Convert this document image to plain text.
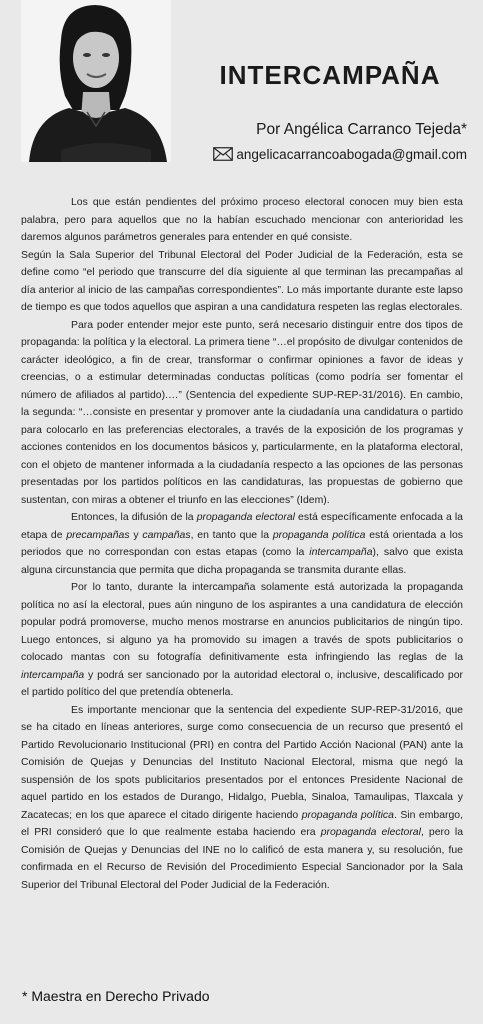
INTERCAMPAÑA
Por Angélica Carranco Tejeda*
angelicacarrancoabogada@gmail.com

Los que están pendientes del próximo proceso electoral conocen muy bien esta palabra, pero para aquellos que no la habían escuchado mencionar con anterioridad les daremos algunos parámetros generales para entender en qué consiste.

Según la Sala Superior del Tribunal Electoral del Poder Judicial de la Federación, esta se define como “el periodo que transcurre del día siguiente al que terminan las precampañas al día anterior al inicio de las campañas correspondientes”. Lo más importante durante este lapso de tiempo es que todos aquellos que aspiran a una candidatura respeten las reglas electorales.

Para poder entender mejor este punto, será necesario distinguir entre dos tipos de propaganda: la política y la electoral. La primera tiene “…el propósito de divulgar contenidos de carácter ideológico, a fin de crear, transformar o confirmar opiniones a favor de ideas y creencias, o a estimular determinadas conductas políticas (como podría ser fomentar el número de afiliados al partido).…” (Sentencia del expediente SUP-REP-31/2016). En cambio, la segunda: “…consiste en presentar y promover ante la ciudadanía una candidatura o partido para colocarlo en las preferencias electorales, a través de la exposición de los programas y acciones contenidos en los documentos básicos y, particularmente, en la plataforma electoral, con el objeto de mantener informada a la ciudadanía respecto a las opciones de las personas presentadas por los partidos políticos en las candidaturas, las propuestas de gobierno que sustentan, con miras a obtener el triunfo en las elecciones” (Idem).

Entonces, la difusión de la propaganda electoral está específicamente enfocada a la etapa de precampañas y campañas, en tanto que la propaganda política está orientada a los periodos que no correspondan con estas etapas (como la intercampaña), salvo que exista alguna circunstancia que permita que dicha propaganda se transmita durante ellas.

Por lo tanto, durante la intercampaña solamente está autorizada la propaganda política no así la electoral, pues aún ninguno de los aspirantes a una candidatura de elección popular podrá promoverse, mucho menos mostrarse en anuncios publicitarios de ningún tipo. Luego entonces, si alguno ya ha promovido su imagen a través de spots publicitarios o colocado mantas con su fotografía definitivamente esta infringiendo las reglas de la intercampaña y podrá ser sancionado por la autoridad electoral o, inclusive, descalificado por el partido político del que pretendía obtenerla.

Es importante mencionar que la sentencia del expediente SUP-REP-31/2016, que se ha citado en líneas anteriores, surge como consecuencia de un recurso que presentó el Partido Revolucionario Institucional (PRI) en contra del Partido Acción Nacional (PAN) ante la Comisión de Quejas y Denuncias del Instituto Nacional Electoral, misma que negó la suspensión de los spots publicitarios presentados por el entonces Presidente Nacional de aquel partido en los estados de Durango, Hidalgo, Puebla, Sinaloa, Tamaulipas, Tlaxcala y Zacatecas; en los que aparece el citado dirigente haciendo propaganda política. Sin embargo, el PRI consideró que lo que realmente estaba haciendo era propaganda electoral, pero la Comisión de Quejas y Denuncias del INE no lo calificó de esta manera y, su resolución, fue confirmada en el Recurso de Revisión del Procedimiento Especial Sancionador por la Sala Superior del Tribunal Electoral del Poder Judicial de la Federación.

* Maestra en Derecho Privado
